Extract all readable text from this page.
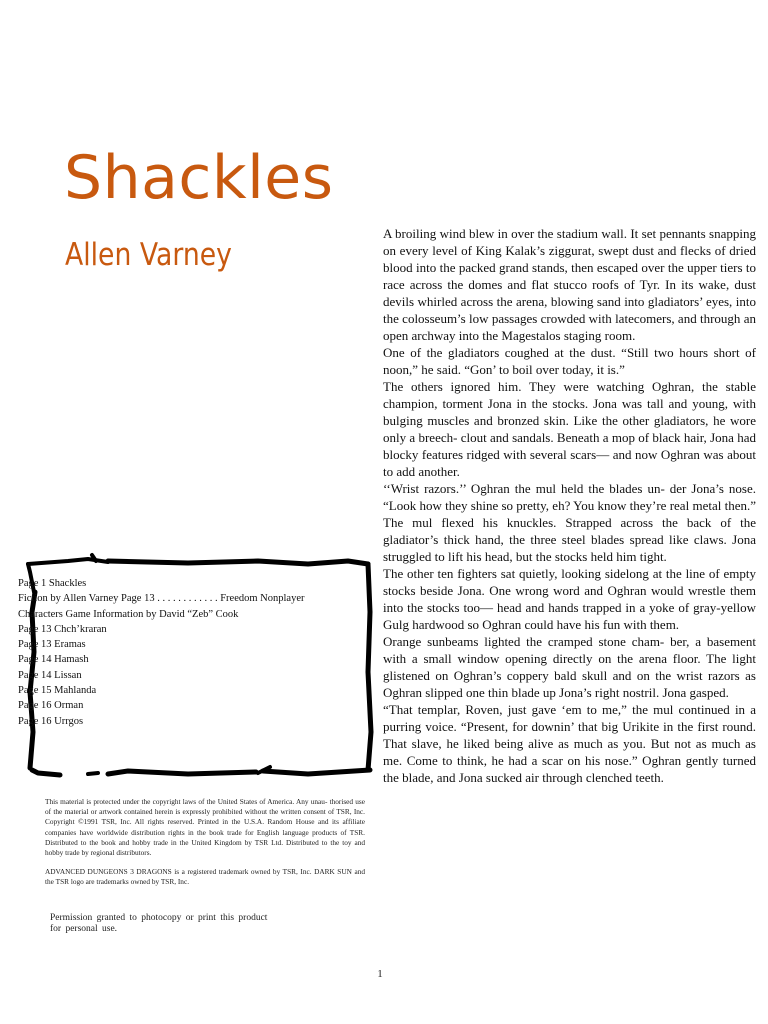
Shackles
Allen Varney

A broiling wind blew in over the stadium wall. It set pennants snapping on every level of King Kalak’s ziggurat, swept dust and flecks of dried blood into the packed grand stands, then escaped over the upper tiers to race across the domes and flat stucco roofs of Tyr. In its wake, dust devils whirled across the arena, blowing sand into gladiators’ eyes, into the colosseum’s low passages crowded with latecomers, and through an open archway into the Magestalos staging room.

One of the gladiators coughed at the dust. “Still two hours short of noon,” he said. “Gon’ to boil over today, it is.”

The others ignored him. They were watching Oghran, the stable champion, torment Jona in the stocks. Jona was tall and young, with bulging muscles and bronzed skin. Like the other gladiators, he wore only a breech- clout and sandals. Beneath a mop of black hair, Jona had blocky features ridged with several scars— and now Oghran was about to add another.

‘‘Wrist razors.’’ Oghran the mul held the blades un- der Jona’s nose. “Look how they shine so pretty, eh? You know they’re real metal then.” The mul flexed his knuckles. Strapped across the back of the gladiator’s thick hand, the three steel blades spread like claws. Jona struggled to lift his head, but the stocks held him tight.

The other ten fighters sat quietly, looking sidelong at the line of empty stocks beside Jona. One wrong word and Oghran would wrestle them into the stocks too— head and hands trapped in a yoke of gray-yellow Gulg hardwood so Oghran could have his fun with them.

Orange sunbeams lighted the cramped stone cham- ber, a basement with a small window opening directly on the arena floor. The light glistened on Oghran’s coppery bald skull and on the wrist razors as Oghran slipped one thin blade up Jona’s right nostril. Jona gasped.

“That templar, Roven, just gave ‘em to me,” the mul continued in a purring voice. “Present, for downin’ that big Urikite in the first round. That slave, he liked being alive as much as you. But not as much as me. Come to think, he had a scar on his nose.” Oghran gently turned the blade, and Jona sucked air through clenched teeth.

Page 1 Shackles
Fiction by Allen Varney Page 13 . . . . . . . . . . . . Freedom Nonplayer
Characters Game Information by David “Zeb” Cook
Page 13 Chch’kraran
Page 13 Eramas
Page 14 Hamash
Page 14 Lissan
Page 15 Mahlanda
Page 16 Orman
Page 16 Urrgos

This material is protected under the copyright laws of the United States of America. Any unau- thorised use of the material or artwork contained herein is expressly prohibited without the written consent of TSR, Inc. Copyright ©1991 TSR, Inc. All rights reserved. Printed in the U.S.A. Random House and its affiliate companies have worldwide distribution rights in the book trade for English language products of TSR. Distributed to the book and hobby trade in the United Kingdom by TSR Ltd. Distributed to the toy and hobby trade by regional distributors.

ADVANCED DUNGEONS 3 DRAGONS is a registered trademark owned by TSR, Inc. DARK SUN and the TSR logo are trademarks owned by TSR, Inc.

Permission granted to photocopy or print this product for personal use.
1
